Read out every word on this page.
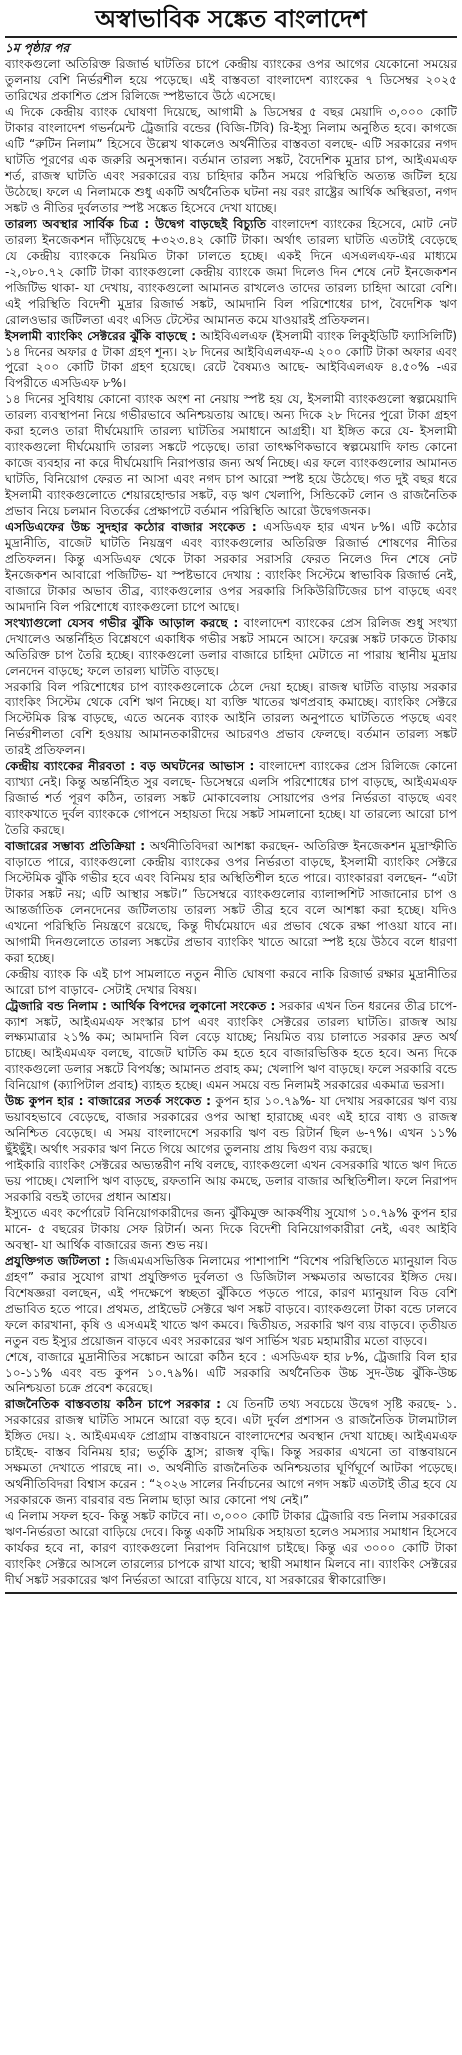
অস্বাভাবিক সঙ্কেত বাংলাদেশ

১ম পৃষ্ঠার পর

ব্যাংকগুলো অতিরিক্ত রিজার্ভ ঘাটতির চাপে কেন্দ্রীয় ব্যাংকের ওপর আগের যেকোনো সময়ের তুলনায় বেশি নির্ভরশীল হয়ে পড়েছে। এই বাস্তবতা বাংলাদেশ ব্যাংকের ৭ ডিসেম্বর ২০২৫ তারিখের প্রকাশিত প্রেস রিলিজে স্পষ্টভাবে উঠে এসেছে।

এ দিকে কেন্দ্রীয় ব্যাংক ঘোষণা দিয়েছে, আগামী ৯ ডিসেম্বর ৫ বছর মেয়াদি ৩,০০০ কোটি টাকার বাংলাদেশ গভর্নমেন্ট ট্রেজারি বন্ডের (বিজি-টিবি) রি-ইস্যু নিলাম অনুষ্ঠিত হবে। কাগজে এটি “রুটিন নিলাম” হিসেবে উল্লেখ থাকলেও অর্থনীতির বাস্তবতা বলছে- এটি সরকারের নগদ ঘাটতি পূরণের এক জরুরি অনুসন্ধান। বর্তমান তারল্য সঙ্কট, বৈদেশিক মুদ্রার চাপ, আইএমএফ শর্ত, রাজস্ব ঘাটতি এবং সরকারের ব্যয় চাহিদার কঠিন সময়ে পরিস্থিতি অত্যন্ত জটিল হয়ে উঠেছে। ফলে এ নিলামকে শুধু একটি অর্থনৈতিক ঘটনা নয় বরং রাষ্ট্রের আর্থিক অস্থিরতা, নগদ সঙ্কট ও নীতির দুর্বলতার স্পষ্ট সঙ্কেত হিসেবে দেখা যাচ্ছে।

তারল্য অবস্থার সার্বিক চিত্র : উদ্বেগ বাড়ছেই বিচ্যুতি বাংলাদেশ ব্যাংকের হিসেবে, মোট নেট তারল্য ইনজেকশন দাঁড়িয়েছে +৩২৩.৪২ কোটি টাকা। অর্থাৎ তারল্য ঘাটতি এতটাই বেড়েছে যে কেন্দ্রীয় ব্যাংককে নিয়মিত টাকা ঢালতে হচ্ছে। একই দিনে এসএলএফ-এর মাধ্যমে -২,০৮০.৭২ কোটি টাকা ব্যাংকগুলো কেন্দ্রীয় ব্যাংকে জমা দিলেও দিন শেষে নেট ইনজেকশন পজিটিভ থাকা- যা দেখায়, ব্যাংকগুলো আমানত রাখলেও তাদের তারল্য চাহিদা আরো বেশি। এই পরিস্থিতি বিদেশী মুদ্রার রিজার্ভ সঙ্কট, আমদানি বিল পরিশোধের চাপ, বৈদেশিক ঋণ রোলওভার জটিলতা এবং এসিড টেস্টের আমানত কমে যাওয়ারই প্রতিফলন।

ইসলামী ব্যাংকিং সেক্টরের ঝুঁকি বাড়ছে : আইবিএলএফ (ইসলামী ব্যাংক লিকুইডিটি ফ্যাসিলিটি) ১৪ দিনের অফার ৫ টাকা গ্রহণ শূন্য। ২৮ দিনের আইবিএলএফ-এ ২০০ কোটি টাকা অফার এবং পুরো ২০০ কোটি টাকা গ্রহণ হয়েছে। রেটে বৈষম্যও আছে- আইবিএলএফ ৪.৫০% -এর বিপরীতে এসডিএফ ৮%।

১৪ দিনের সুবিধায় কোনো ব্যাংক অংশ না নেয়ায় স্পষ্ট হয় যে, ইসলামী ব্যাংকগুলো স্বল্পমেয়াদি তারল্য ব্যবস্থাপনা নিয়ে গভীরভাবে অনিশ্চয়তায় আছে। অন্য দিকে ২৮ দিনের পুরো টাকা গ্রহণ করা হলেও তারা দীর্ঘমেয়াদি তারল্য ঘাটতির সমাধানে আগ্রহী। যা ইঙ্গিত করে যে- ইসলামী ব্যাংকগুলো দীর্ঘমেয়াদি তারল্য সঙ্কটে পড়েছে। তারা তাৎক্ষণিকভাবে স্বল্পমেয়াদি ফান্ড কোনো কাজে ব্যবহার না করে দীর্ঘমেয়াদি নিরাপত্তার জন্য অর্থ নিচ্ছে। এর ফলে ব্যাংকগুলোর আমানত ঘাটতি, বিনিয়োগ ফেরত না আসা এবং নগদ চাপ আরো স্পষ্ট হয়ে উঠেছে। গত দুই বছর ধরে ইসলামী ব্যাংকগুলোতে শেয়ারহোল্ডার সঙ্কট, বড় ঋণ খেলাপি, সিন্ডিকেট লোন ও রাজনৈতিক প্রভাব নিয়ে চলমান বিতর্কের প্রেক্ষাপটে বর্তমান পরিস্থিতি আরো উদ্বেগজনক।

এসডিএফের উচ্চ সুদহার কঠোর বাজার সংকেত : এসডিএফ হার এখন ৮%। এটি কঠোর মুদ্রানীতি, বাজেট ঘাটতি নিয়ন্ত্রণ এবং ব্যাংকগুলোর অতিরিক্ত রিজার্ভ শোষণের নীতির প্রতিফলন। কিন্তু এসডিএফ থেকে টাকা সরকার সরাসরি ফেরত নিলেও দিন শেষে নেট ইনজেকশন আবারো পজিটিভ- যা স্পষ্টভাবে দেখায় : ব্যাংকিং সিস্টেমে স্বাভাবিক রিজার্ভ নেই, বাজারে টাকার অভাব তীব্র, ব্যাংকগুলোর ওপর সরকারি সিকিউরিটিজের চাপ বাড়ছে এবং আমদানি বিল পরিশোধে ব্যাংকগুলো চাপে আছে।

সংখ্যাগুলো যেসব গভীর ঝুঁকি আড়াল করছে : বাংলাদেশ ব্যাংকের প্রেস রিলিজ শুধু সংখ্যা দেখালেও অন্তর্নিহিত বিশ্লেষণে একাধিক গভীর সঙ্কট সামনে আসে। ফরেক্স সঙ্কট ঢাকতে টাকায় অতিরিক্ত চাপ তৈরি হচ্ছে। ব্যাংকগুলো ডলার বাজারে চাহিদা মেটাতে না পারায় স্থানীয় মুদ্রায় লেনদেন বাড়ছে; ফলে তারল্য ঘাটতি বাড়ছে।

সরকারি বিল পরিশোধের চাপ ব্যাংকগুলোকে ঠেলে দেয়া হচ্ছে। রাজস্ব ঘাটতি বাড়ায় সরকার ব্যাংকিং সিস্টেম থেকে বেশি ঋণ নিচ্ছে। যা ব্যক্তি খাতের ঋণপ্রবাহ কমাচ্ছে। ব্যাংকিং সেক্টরে সিস্টেমিক রিস্ক বাড়ছে, এতে অনেক ব্যাংক আইনি তারল্য অনুপাতে ঘাটতিতে পড়ছে এবং নির্ভরশীলতা বেশি হওয়ায় আমানতকারীদের আচরণও প্রভাব ফেলছে। বর্তমান তারল্য সঙ্কট তারই প্রতিফলন।

কেন্দ্রীয় ব্যাংকের নীরবতা : বড় অঘটনের আভাস : বাংলাদেশ ব্যাংকের প্রেস রিলিজে কোনো ব্যাখ্যা নেই। কিন্তু অন্তর্নিহিত সুর বলছে- ডিসেম্বরে এলসি পরিশোধের চাপ বাড়ছে, আইএমএফ রিজার্ভ শর্ত পূরণ কঠিন, তারল্য সঙ্কট মোকাবেলায় সোয়াপের ওপর নির্ভরতা বাড়ছে এবং ব্যাংকখাতে দুর্বল ব্যাংককে গোপনে সহায়তা দিয়ে সঙ্কট সামলানো হচ্ছে। যা তারল্যে আরো চাপ তৈরি করছে।

বাজারের সম্ভাব্য প্রতিক্রিয়া : অর্থনীতিবিদরা আশঙ্কা করছেন- অতিরিক্ত ইনজেকশন মুদ্রাস্ফীতি বাড়াতে পারে, ব্যাংকগুলো কেন্দ্রীয় ব্যাংকের ওপর নির্ভরতা বাড়ছে, ইসলামী ব্যাংকিং সেক্টরে সিস্টেমিক ঝুঁকি গভীর হবে এবং বিনিময় হার অস্থিতিশীল হতে পারে। ব্যাংকাররা বলছেন- “এটা টাকার সঙ্কট নয়; এটি আস্থার সঙ্কট।” ডিসেম্বরে ব্যাংকগুলোর ব্যালান্সশিট সাজানোর চাপ ও আন্তর্জাতিক লেনদেনের জটিলতায় তারল্য সঙ্কট তীব্র হবে বলে আশঙ্কা করা হচ্ছে। যদিও এখনো পরিস্থিতি নিয়ন্ত্রণে রয়েছে, কিন্তু দীর্ঘমেয়াদে এর প্রভাব থেকে রক্ষা পাওয়া যাবে না। আগামী দিনগুলোতে তারল্য সঙ্কটের প্রভাব ব্যাংকিং খাতে আরো স্পষ্ট হয়ে উঠবে বলে ধারণা করা হচ্ছে।

কেন্দ্রীয় ব্যাংক কি এই চাপ সামলাতে নতুন নীতি ঘোষণা করবে নাকি রিজার্ভ রক্ষার মুদ্রানীতির আরো চাপ বাড়াবে- সেটাই দেখার বিষয়।

ট্রেজারি বন্ড নিলাম : আর্থিক বিপদের লুকানো সংকেত : সরকার এখন তিন ধরনের তীব্র চাপে- ক্যাশ সঙ্কট, আইএমএফ সংস্কার চাপ এবং ব্যাংকিং সেক্টরের তারল্য ঘাটতি। রাজস্ব আয় লক্ষ্যমাত্রার ২১% কম; আমদানি বিল বেড়ে যাচ্ছে; নিয়মিত ব্যয় চালাতে সরকার দ্রুত অর্থ চাচ্ছে। আইএমএফ বলছে, বাজেট ঘাটতি কম হতে হবে বাজারভিত্তিক হতে হবে। অন্য দিকে ব্যাংকগুলো ডলার সঙ্কটে বিপর্যস্ত; আমানত প্রবাহ কম; খেলাপি ঋণ বাড়ছে। ফলে সরকারি বন্ডে বিনিয়োগ (ক্যাপিটাল প্রবাহ) ব্যাহত হচ্ছে। এমন সময়ে বন্ড নিলামই সরকারের একমাত্র ভরসা।

উচ্চ কুপন হার : বাজারের সতর্ক সংকেত : কুপন হার ১০.৭৯%- যা দেখায় সরকারের ঋণ ব্যয় ভয়াবহভাবে বেড়েছে, বাজার সরকারের ওপর আস্থা হারাচ্ছে এবং এই হারে বাধ্য ও রাজস্ব অনিশ্চিত বেড়েছে। এ সময় বাংলাদেশে সরকারি ঋণ বন্ড রিটার্ন ছিল ৬-৭%। এখন ১১% ছুঁইছুঁই। অর্থাৎ সরকার ঋণ নিতে গিয়ে আগের তুলনায় প্রায় দ্বিগুণ ব্যয় করছে।

পাইকারি ব্যাংকিং সেক্টরের অভ্যন্তরীণ নথি বলছে, ব্যাংকগুলো এখন বেসরকারি খাতে ঋণ দিতে ভয় পাচ্ছে। খেলাপি ঋণ বাড়ছে, রফতানি আয় কমছে, ডলার বাজার অস্থিতিশীল। ফলে নিরাপদ সরকারি বন্ডই তাদের প্রধান আশ্রয়।

ইস্যুতে এবং কর্পোরেট বিনিয়োগকারীদের জন্য ঝুঁকিমুক্ত আকর্ষণীয় সুযোগ ১০.৭৯% কুপন হার মানে- ৫ বছরের টাকায় সেফ রিটার্ন। অন্য দিকে বিদেশী বিনিয়োগকারীরা নেই, এবং আইবি অবস্থা- যা আর্থিক বাজারের জন্য শুভ নয়।

প্রযুক্তিগত জটিলতা : জিএমএসভিত্তিক নিলামের পাশাপাশি “বিশেষ পরিস্থিতিতে ম্যানুয়াল বিড গ্রহণ” করার সুযোগ রাখা প্রযুক্তিগত দুর্বলতা ও ডিজিটাল সক্ষমতার অভাবের ইঙ্গিত দেয়। বিশেষজ্ঞরা বলছেন, এই পদক্ষেপে স্বচ্ছতা ঝুঁকিতে পড়তে পারে, কারণ ম্যানুয়াল বিড বেশি প্রভাবিত হতে পারে। প্রথমত, প্রাইভেট সেক্টরে ঋণ সঙ্কট বাড়বে। ব্যাংকগুলো টাকা বন্ডে ঢালবে ফলে কারখানা, কৃষি ও এসএমই খাতে ঋণ কমবে। দ্বিতীয়ত, সরকারি ঋণ ব্যয় বাড়বে। তৃতীয়ত নতুন বন্ড ইস্যুর প্রয়োজন বাড়বে এবং সরকারের ঋণ সার্ভিস খরচ মহামারীর মতো বাড়বে।

শেষে, বাজারে মুদ্রানীতির সঙ্কোচন আরো কঠিন হবে : এসডিএফ হার ৮%, ট্রেজারি বিল হার ১০-১১% এবং বন্ড কুপন ১০.৭৯%। এটি সরকারি অর্থনৈতিক উচ্চ সুদ-উচ্চ ঝুঁকি-উচ্চ অনিশ্চয়তা চক্রে প্রবেশ করেছে।

রাজনৈতিক বাস্তবতায় কঠিন চাপে সরকার : যে তিনটি তথ্য সবচেয়ে উদ্বেগ সৃষ্টি করছে- ১. সরকারের রাজস্ব ঘাটতি সামনে আরো বড় হবে। এটা দুর্বল প্রশাসন ও রাজনৈতিক টালমাটাল ইঙ্গিত দেয়। ২. আইএমএফ প্রোগ্রাম বাস্তবায়নে বাংলাদেশের অবস্থান দেখা যাচ্ছে। আইএমএফ চাইছে- বাস্তব বিনিময় হার; ভর্তুকি হ্রাস; রাজস্ব বৃদ্ধি। কিন্তু সরকার এখনো তা বাস্তবায়নে সক্ষমতা দেখাতে পারছে না। ৩. অর্থনীতি রাজনৈতিক অনিশ্চয়তার ঘূর্ণিঘূর্ণে আটকা পড়েছে। অর্থনীতিবিদরা বিশ্বাস করেন : “২০২৬ সালের নির্বাচনের আগে নগদ সঙ্কট এতটাই তীব্র হবে যে সরকারকে জন্য বারবার বন্ড নিলাম ছাড়া আর কোনো পথ নেই।”

এ নিলাম সফল হবে- কিন্তু সঙ্কট কাটবে না। ৩,০০০ কোটি টাকার ট্রেজারি বন্ড নিলাম সরকারের ঋণ-নির্ভরতা আরো বাড়িয়ে দেবে। কিন্তু একটি সাময়িক সহায়তা হলেও সমস্যার সমাধান হিসেবে কার্যকর হবে না, কারণ ব্যাংকগুলো নিরাপদ বিনিয়োগ চাইছে। কিন্তু এর ৩০০০ কোটি টাকা ব্যাংকিং সেক্টরে আসলে তারল্যের চাপকে রাখা যাবে; স্থায়ী সমাধান মিলবে না। ব্যাংকিং সেক্টরের দীর্ঘ সঙ্কট সরকারের ঋণ নির্ভরতা আরো বাড়িয়ে যাবে, যা সরকারের স্বীকারোক্তি।
